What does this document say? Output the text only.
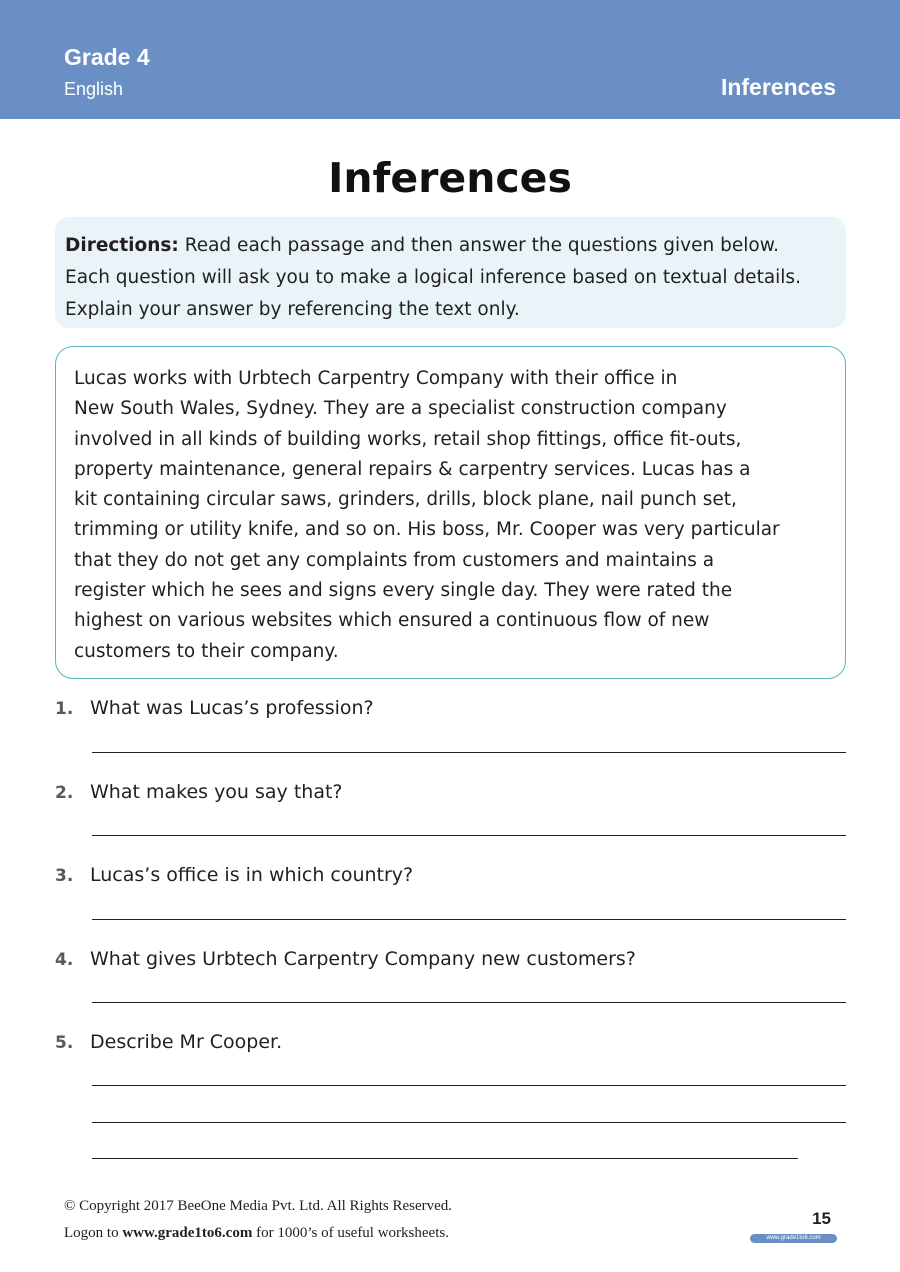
Grade 4
English	Inferences
Inferences
Directions: Read each passage and then answer the questions given below.
Each question will ask you to make a logical inference based on textual details.
Explain your answer by referencing the text only.
Lucas works with Urbtech Carpentry Company with their office in
New South Wales, Sydney. They are a specialist construction company
involved in all kinds of building works, retail shop fittings, office fit-outs,
property maintenance, general repairs & carpentry services. Lucas has a
kit containing circular saws, grinders, drills, block plane, nail punch set,
trimming or utility knife, and so on. His boss, Mr. Cooper was very particular
that they do not get any complaints from customers and maintains a
register which he sees and signs every single day. They were rated the
highest on various websites which ensured a continuous flow of new
customers to their company.
1. What was Lucas’s profession?
2. What makes you say that?
3. Lucas’s office is in which country?
4. What gives Urbtech Carpentry Company new customers?
5. Describe Mr Cooper.
© Copyright 2017 BeeOne Media Pvt. Ltd. All Rights Reserved.
Logon to www.grade1to6.com for 1000’s of useful worksheets.
15
www.grade1to6.com
